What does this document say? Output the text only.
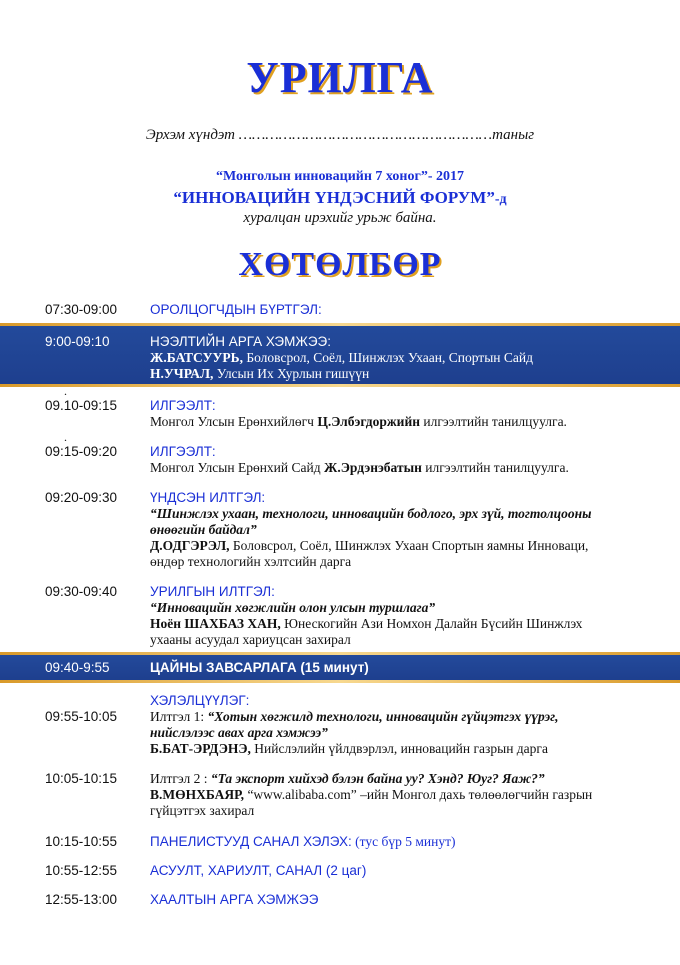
УРИЛГА
Эрхэм хүндэт …………………………………………………таныг
“Монголын инновацийн 7 хоног”- 2017
“ИННОВАЦИЙН ҮНДЭСНИЙ ФОРУМ”-д
хуралцан ирэхийг урьж байна.
ХӨТӨЛБӨР
07:30-09:00 ОРОЛЦОГЧДЫН БҮРТГЭЛ:
9:00-09:10	НЭЭЛТИЙН АРГА ХЭМЖЭЭ:
Ж.БАТСУУРЬ, Боловсрол, Соёл, Шинжлэх Ухаан, Спортын Сайд
Н.УЧРАЛ, Улсын Их Хурлын гишүүн
.
09.10-09:15 ИЛГЭЭЛТ:
Монгол Улсын Ерөнхийлөгч Ц.Элбэгдоржийн илгээлтийн танилцуулга.
.
09:15-09:20 ИЛГЭЭЛТ:
Монгол Улсын Ерөнхий Сайд Ж.Эрдэнэбатын илгээлтийн танилцуулга.
09:20-09:30 ҮНДСЭН ИЛТГЭЛ:
“Шинжлэх ухаан, технологи, инновацийн бодлого, эрх зүй, тогтолцооны
өнөөгийн байдал”
Д.ОДГЭРЭЛ, Боловсрол, Соёл, Шинжлэх Ухаан Спортын яамны Инноваци,
өндөр технологийн хэлтсийн дарга
09:30-09:40 УРИЛГЫН ИЛТГЭЛ:
“Инновацийн хөгжлийн олон улсын туршлага”
Ноён ШАХБАЗ ХАН, Юнескогийн Ази Номхон Далайн Бүсийн Шинжлэх
ухааны асуудал хариуцсан захирал
09:40-9:55	ЦАЙНЫ ЗАВСАРЛАГА (15 минут)
ХЭЛЭЛЦҮҮЛЭГ:
09:55-10:05 Илтгэл 1: “Хотын хөгжилд технологи, инновацийн гүйцэтгэх үүрэг,
нийслэлээс авах арга хэмжээ”
Б.БАТ-ЭРДЭНЭ, Нийслэлийн үйлдвэрлэл, инновацийн газрын дарга
10:05-10:15 Илтгэл 2 : “Та экспорт хийхэд бэлэн байна уу? Хэнд? Юуг? Яаж?”
В.МӨНХБАЯР, “www.alibaba.com” –ийн Монгол дахь төлөөлөгчийн газрын
гүйцэтгэх захирал
10:15-10:55 ПАНЕЛИСТУУД САНАЛ ХЭЛЭХ: (тус бүр 5 минут)
10:55-12:55 АСУУЛТ, ХАРИУЛТ, САНАЛ (2 цаг)
12:55-13:00 ХААЛТЫН АРГА ХЭМЖЭЭ
